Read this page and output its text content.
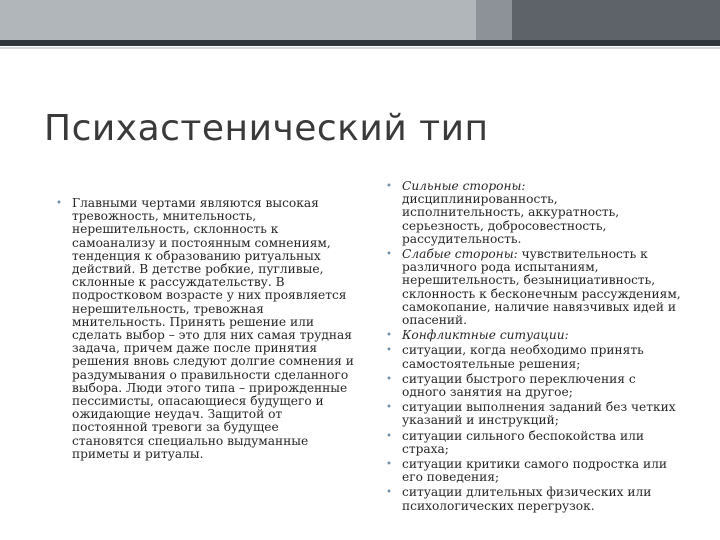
Психастенический тип
• Главными чертами являются высокая тревожность, мнительность, нерешительность, склонность к самоанализу и постоянным сомнениям, тенденция к образованию ритуальных действий. В детстве робкие, пугливые, склонные к рассуждательству. В подростковом возрасте у них проявляется нерешительность, тревожная мнительность. Принять решение или сделать выбор – это для них самая трудная задача, причем даже после принятия решения вновь следуют долгие сомнения и раздумывания о правильности сделанного выбора. Люди этого типа – прирожденные пессимисты, опасающиеся будущего и ожидающие неудач. Защитой от постоянной тревоги за будущее становятся специально выдуманные приметы и ритуалы.
• Сильные стороны: дисциплинированность, исполнительность, аккуратность, серьезность, добросовестность, рассудительность.
• Слабые стороны: чувствительность к различного рода испытаниям, нерешительность, безынициативность, склонность к бесконечным рассуждениям, самокопание, наличие навязчивых идей и опасений.
• Конфликтные ситуации:
• ситуации, когда необходимо принять самостоятельные решения;
• ситуации быстрого переключения с одного занятия на другое;
• ситуации выполнения заданий без четких указаний и инструкций;
• ситуации сильного беспокойства или страха;
• ситуации критики самого подростка или его поведения;
• ситуации длительных физических или психологических перегрузок.
